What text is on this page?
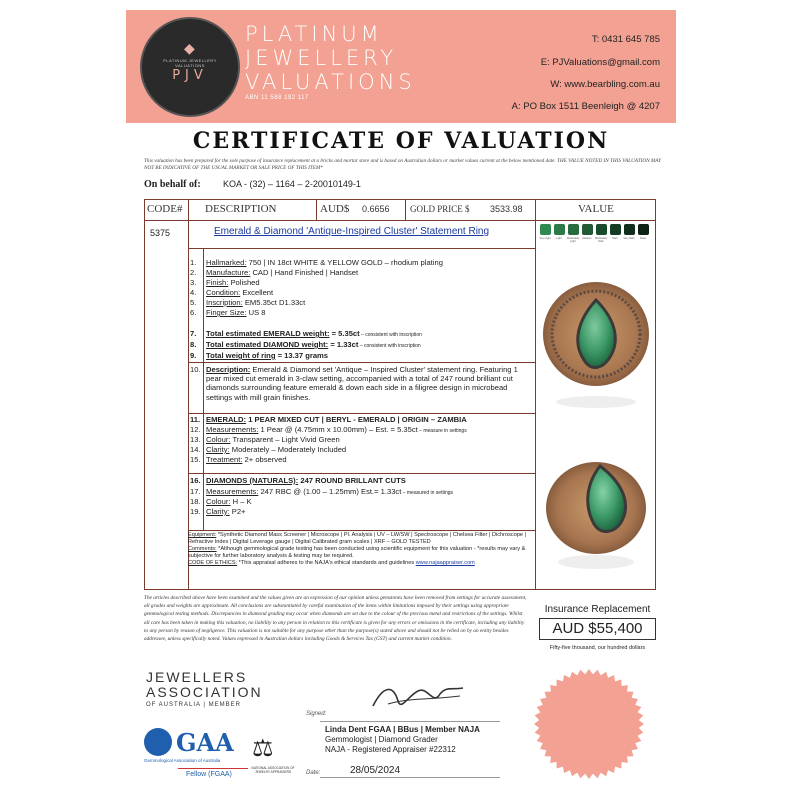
◆
PLATINUM JEWELLERY VALUATIONS
PJV
PLATINUM
JEWELLERY
VALUATIONS
ABN 11 588 192 117
T: 0431 645 785
E: PJValuations@gmail.com
W: www.bearbling.com.au
A: PO Box 1511 Beenleigh @ 4207
CERTIFICATE OF VALUATION
This valuation has been prepared for the sole purpose of insurance replacement at a bricks and mortar store and is based on Australian dollars or market values current at the below mentioned date. THE VALUE NOTED IN THIS VALUATION MAY NOT BE INDICATIVE OF THE USUAL MARKET OR SALE PRICE OF THIS ITEM*
On behalf of: KOA - (32) – 1164 – 2-20010149-1
CODE# DESCRIPTION	AUD$ 0.6656 GOLD PRICE $ 3533.98	VALUE
5375	Emerald & Diamond 'Antique-Inspired Cluster' Statement Ring
1. Hallmarked: 750 | IN 18ct WHITE & YELLOW GOLD – rhodium plating
2. Manufacture: CAD | Hand Finished | Handset
3. Finish: Polished
4. Condition: Excellent
5. Inscription: EM5.35ct D1.33ct
6. Finger Size: US 8
7. Total estimated EMERALD weight: = 5.35ct – consistent with inscription
8. Total estimated DIAMOND weight: = 1.33ct – consistent with inscription
9. Total weight of ring = 13.37 grams
10. Description: Emerald & Diamond set 'Antique – Inspired Cluster' statement ring. Featuring 1 pear mixed cut emerald in 3-claw setting, accompanied with a total of 247 round brilliant cut diamonds surrounding feature emerald & down each side in a filigree design in microbead settings with mill grain finishes.
11. EMERALD: 1 PEAR MIXED CUT | BERYL - EMERALD | ORIGIN – ZAMBIA
12. Measurements: 1 Pear @ (4.75mm x 10.00mm) – Est. = 5.35ct – measure in settings
13. Colour: Transparent – Light Vivid Green
14. Clarity: Moderately – Moderately Included
15. Treatment: 2+ observed
16. DIAMONDS (NATURALS): 247 ROUND BRILLANT CUTS
17. Measurements: 247 RBC @ (1.00 – 1.25mm) Est.= 1.33ct – measured in settings
18. Colour: H – K
19. Clarity: P2+
Equipment: *Synthetic Diamond Mass Screener | Microscope | Pl. Analysis | UV – LW/SW | Spectroscope | Chelsea Filter | Dichroscope | Refractive Index | Digital Leverage gauge | Digital Calibrated gram scales | XRF – GOLD TESTED
Comments: *Although gemmological grade testing has been conducted using scientific equipment for this valuation - *results may vary & subjective for further laboratory analysis & testing may be required.
CODE OF ETHICS: *This appraisal adheres to the NAJA's ethical standards and guidelines www.najaappraiser.com
Very Light	Light	Moderately Light
Medium	Moderately Dark
Dark	Very Dark	Deep
The articles described above have been examined and the values given are an expression of our opinion unless gemstones have been removed from settings for accurate assessment, all grades and weights are approximate. All conclusions are substantiated by careful examination of the items within limitations imposed by their settings using appropriate gemmological testing methods. Discrepancies in diamond grading may occur when diamonds are set due to the colour of the precious metal and restrictions of the settings. Whilst all care has been taken in making this valuation, no liability to any person in relation to this certificate is given for any errors or omissions in the certificate, including any liability to any person by reason of negligence. This valuation is not suitable for any purpose other than the purpose(s) stated above and should not be relied on by an entity besides addressee, unless specifically noted. Values expressed in Australian dollars including Goods & Services Tax (GST) and current market condition.
Insurance Replacement
AUD $55,400
Fifty-five thousand, our hundred dollars
JEWELLERS
ASSOCIATION
OF AUSTRALIA | MEMBER
GAA
Gemmological Association of Australia
Fellow (FGAA)
⚖
NATIONAL ASSOCIATION OF JEWELRY APPRAISERS
Signed:
Linda Dent FGAA | BBus | Member NAJA
Gemmologist | Diamond Grader
NAJA - Registered Appraiser #22312
Date:	28/05/2024
